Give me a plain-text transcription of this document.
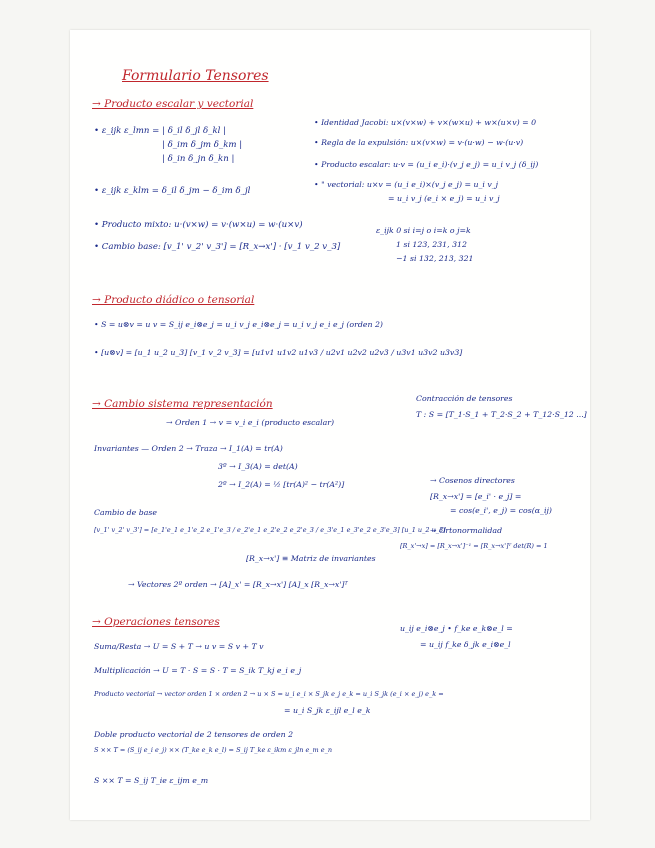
Formulario Tensores
→ Producto escalar y vectorial
• ε_ijk ε_lmn = | δ_il δ_jl δ_kl |
| δ_im δ_jm δ_km |
| δ_in δ_jn δ_kn |
• Identidad Jacobi: u×(v×w) + v×(w×u) + w×(u×v) = 0
• Regla de la expulsión: u×(v×w) = v·(u·w) − w·(u·v)
• Producto escalar: u·v = (u_i e_i)·(v_j e_j) = u_i v_j (δ_ij)
• " vectorial: u×v = (u_i e_i)×(v_j e_j) = u_i v_j
= u_i v_j (e_i × e_j) = u_i v_j
• ε_ijk ε_klm = δ_il δ_jm − δ_im δ_jl
• Producto mixto: u·(v×w) = v·(w×u) = w·(u×v)
• Cambio base: [v_1' v_2' v_3'] = [R_x→x'] · [v_1 v_2 v_3]
ε_ijk 0 si i=j o i=k o j=k
1 si 123, 231, 312
−1 si 132, 213, 321
→ Producto diádico o tensorial
• S = u⊗v = u v = S_ij e_i⊗e_j = u_i v_j e_i⊗e_j = u_i v_j e_i e_j (orden 2)
• [u⊗v] = [u_1 u_2 u_3] [v_1 v_2 v_3] = [u1v1 u1v2 u1v3 / u2v1 u2v2 u2v3 / u3v1 u3v2 u3v3]
→ Cambio sistema representación
→ Orden 1 → v = v_i e_i (producto escalar)
Contracción de tensores
T : S = [T_1·S_1 + T_2·S_2 + T_12·S_12 ...]
Invariantes — Orden 2 → Traza → I_1(A) = tr(A)
3º → I_3(A) = det(A)
2º → I_2(A) = ½ [tr(A)² − tr(A²)]	→ Cosenos directores
[R_x→x'] = [e_i' · e_j] =
= cos(e_i', e_j) = cos(α_ij)
Cambio de base
[v_1' v_2' v_3'] = [e_1'e_1 e_1'e_2 e_1'e_3 / e_2'e_1 e_2'e_2 e_2'e_3 / e_3'e_1 e_3'e_2 e_3'e_3] [u_1 u_2 u_3]
→ Ortonormalidad
[R_x'→x] = [R_x→x']⁻¹ = [R_x→x']ᵀ det(R) = 1
[R_x→x'] ≡ Matriz de invariantes
→ Vectores 2º orden → [A]_x' = [R_x→x'] [A]_x [R_x→x']ᵀ
→ Operaciones tensores
Suma/Resta → U = S + T → u v = S v + T v
u_ij e_i⊗e_j • f_ke e_k⊗e_l =
= u_ij f_ke δ_jk e_i⊗e_l
Multiplicación → U = T · S = S · T = S_ik T_kj e_i e_j
Producto vectorial → vector orden 1 × orden 2 → u × S = u_i e_i × S_jk e_j e_k = u_i S_jk (e_i × e_j) e_k =
= u_i S_jk ε_ijl e_l e_k
Doble producto vectorial de 2 tensores de orden 2
S ×× T = (S_ij e_i e_j) ×× (T_ke e_k e_l) = S_ij T_ke ε_ikm ε_jln e_m e_n
S ×× T = S_ij T_ie ε_ijm e_m
